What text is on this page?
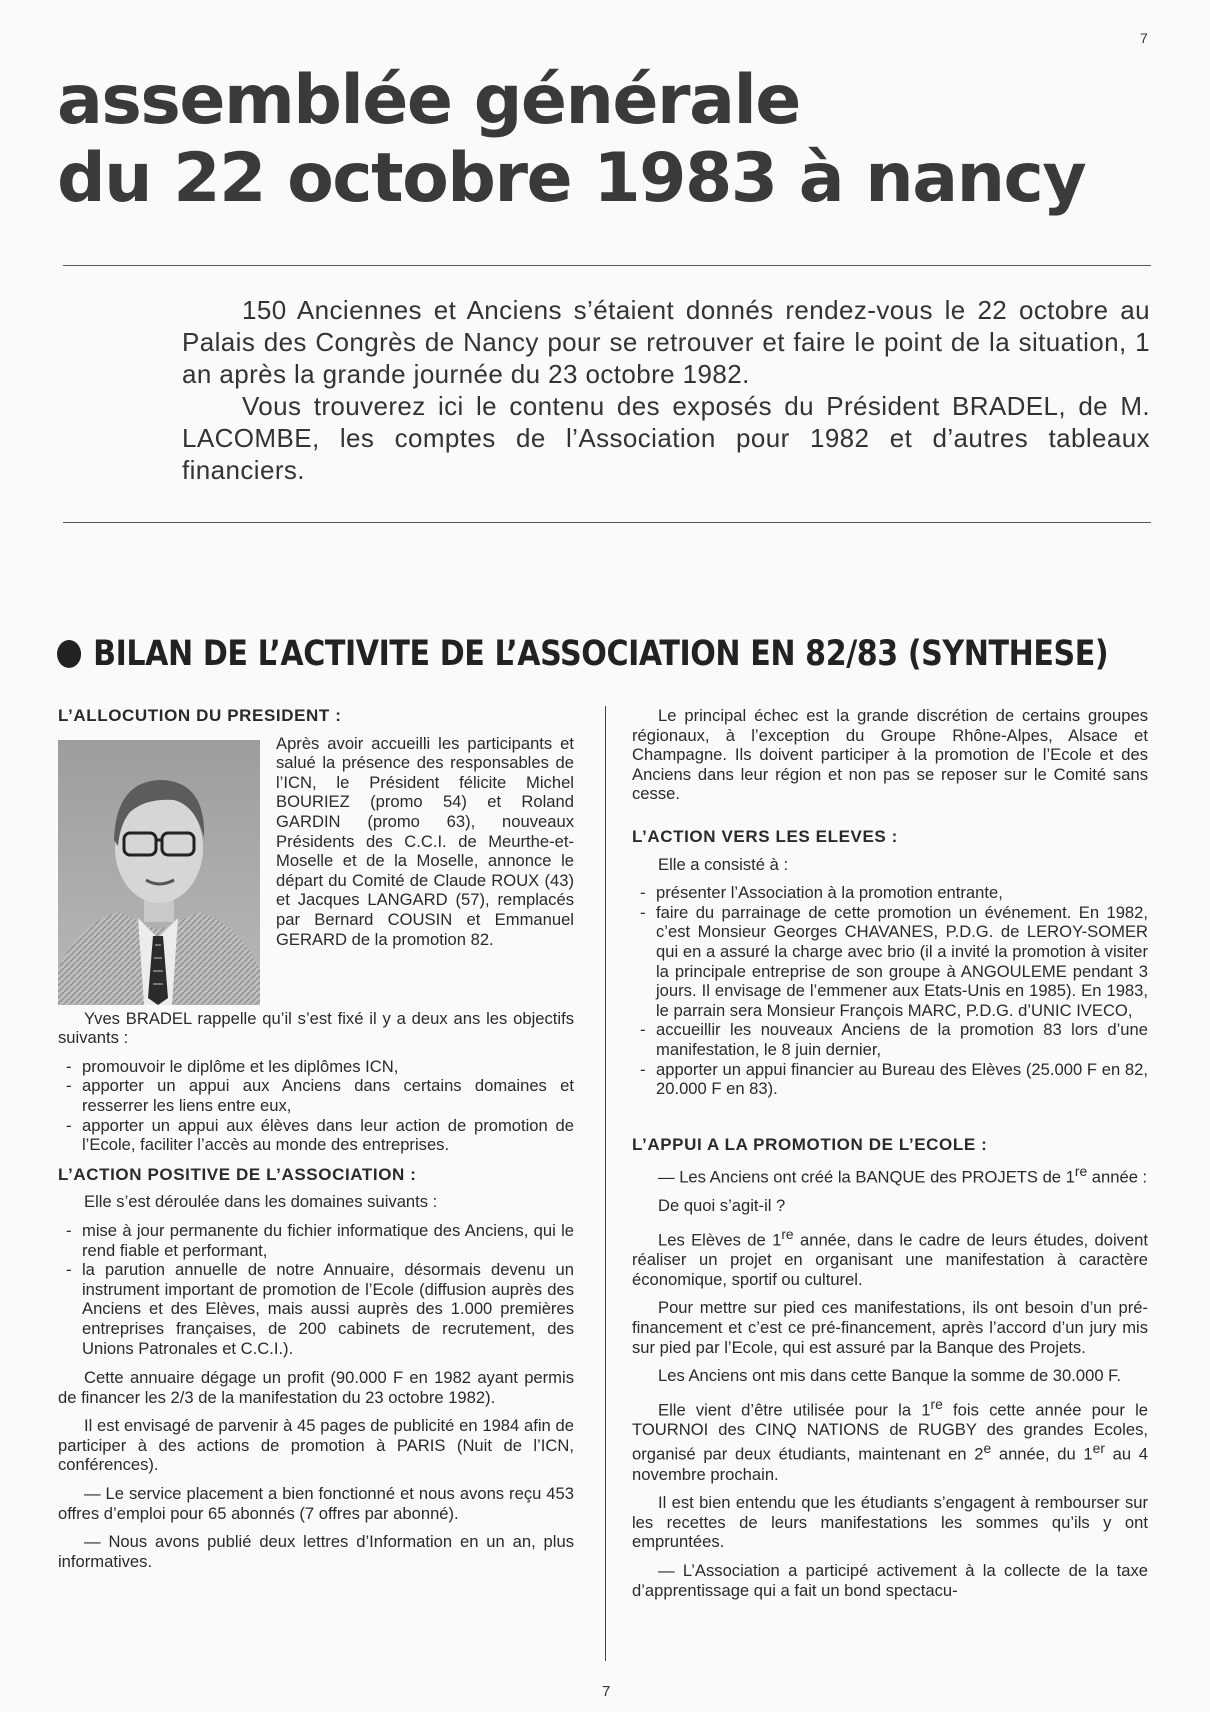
7
assemblée générale
du 22 octobre 1983 à nancy

150 Anciennes et Anciens s’étaient donnés rendez-vous le 22 octobre au Palais des Congrès de Nancy pour se retrouver et faire le point de la situation, 1 an après la grande journée du 23 octobre 1982.

Vous trouverez ici le contenu des exposés du Président BRADEL, de M. LACOMBE, les comptes de l’Association pour 1982 et d’autres tableaux financiers.

BILAN DE L’ACTIVITE DE L’ASSOCIATION EN 82/83 (SYNTHESE)
L’ALLOCUTION DU PRESIDENT :

Après avoir accueilli les participants et salué la présence des responsables de l’ICN, le Président félicite Michel BOURIEZ (promo 54) et Roland GARDIN (promo 63), nouveaux Présidents des C.C.I. de Meurthe-et-Moselle et de la Moselle, annonce le départ du Comité de Claude ROUX (43) et Jacques LANGARD (57), remplacés par Bernard COUSIN et Emmanuel GERARD de la promotion 82.

Yves BRADEL rappelle qu’il s’est fixé il y a deux ans les objectifs suivants :

- promouvoir le diplôme et les diplômes ICN,
- apporter un appui aux Anciens dans certains domaines et resserrer les liens entre eux,
- apporter un appui aux élèves dans leur action de promotion de l’Ecole, faciliter l’accès au monde des entreprises.
L’ACTION POSITIVE DE L’ASSOCIATION :

Elle s’est déroulée dans les domaines suivants :

- mise à jour permanente du fichier informatique des Anciens, qui le rend fiable et performant,
- la parution annuelle de notre Annuaire, désormais devenu un instrument important de promotion de l’Ecole (diffusion auprès des Anciens et des Elèves, mais aussi auprès des 1.000 premières entreprises françaises, de 200 cabinets de recrutement, des Unions Patronales et C.C.I.).

Cette annuaire dégage un profit (90.000 F en 1982 ayant permis de financer les 2/3 de la manifestation du 23 octobre 1982).

Il est envisagé de parvenir à 45 pages de publicité en 1984 afin de participer à des actions de promotion à PARIS (Nuit de l’ICN, conférences).

— Le service placement a bien fonctionné et nous avons reçu 453 offres d’emploi pour 65 abonnés (7 offres par abonné).

— Nous avons publié deux lettres d’Information en un an, plus informatives.

Le principal échec est la grande discrétion de certains groupes régionaux, à l’exception du Groupe Rhône-Alpes, Alsace et Champagne. Ils doivent participer à la promotion de l’Ecole et des Anciens dans leur région et non pas se reposer sur le Comité sans cesse.

L’ACTION VERS LES ELEVES :

Elle a consisté à :

- présenter l’Association à la promotion entrante,
- faire du parrainage de cette promotion un événement. En 1982, c’est Monsieur Georges CHAVANES, P.D.G. de LEROY-SOMER qui en a assuré la charge avec brio (il a invité la promotion à visiter la principale entreprise de son groupe à ANGOULEME pendant 3 jours. Il envisage de l’emmener aux Etats-Unis en 1985). En 1983, le parrain sera Monsieur François MARC, P.D.G. d’UNIC IVECO,
- accueillir les nouveaux Anciens de la promotion 83 lors d’une manifestation, le 8 juin dernier,
- apporter un appui financier au Bureau des Elèves (25.000 F en 82, 20.000 F en 83).
L’APPUI A LA PROMOTION DE L’ECOLE :

— Les Anciens ont créé la BANQUE des PROJETS de 1re année :

De quoi s’agit-il ?

Les Elèves de 1re année, dans le cadre de leurs études, doivent réaliser un projet en organisant une manifestation à caractère économique, sportif ou culturel.

Pour mettre sur pied ces manifestations, ils ont besoin d’un pré-financement et c’est ce pré-financement, après l’accord d’un jury mis sur pied par l’Ecole, qui est assuré par la Banque des Projets.

Les Anciens ont mis dans cette Banque la somme de 30.000 F.

Elle vient d’être utilisée pour la 1re fois cette année pour le TOURNOI des CINQ NATIONS de RUGBY des grandes Ecoles, organisé par deux étudiants, maintenant en 2e année, du 1er au 4 novembre prochain.

Il est bien entendu que les étudiants s’engagent à rembourser sur les recettes de leurs manifestations les sommes qu’ils y ont empruntées.

— L’Association a participé activement à la collecte de la taxe d’apprentissage qui a fait un bond spectacu-

7
